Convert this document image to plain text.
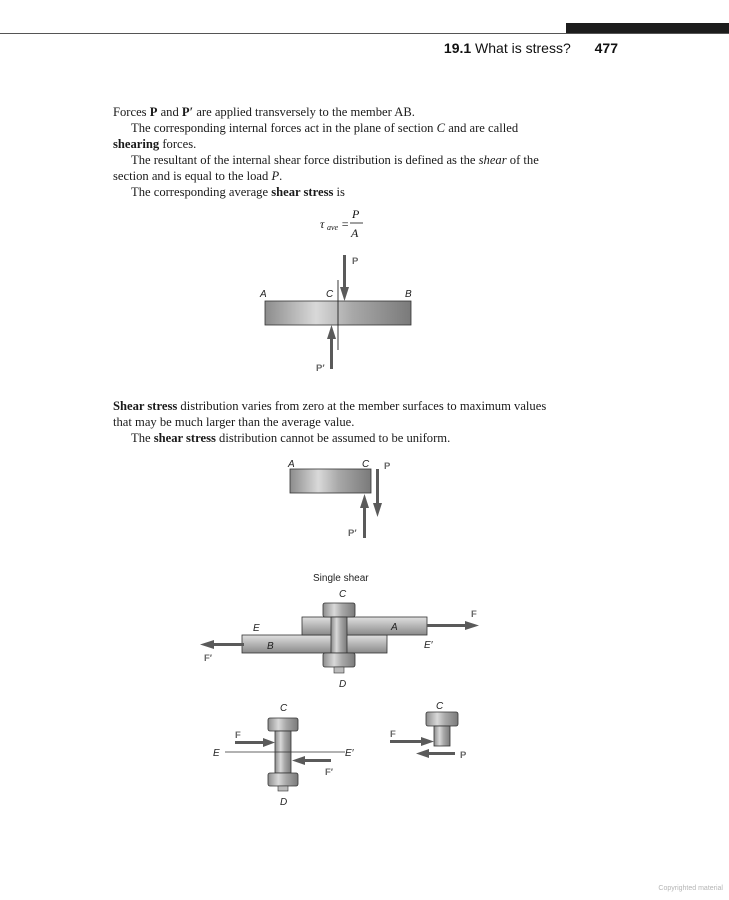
19.1 What is stress? 477

Forces P and P′ are applied transversely to the member AB.

The corresponding internal forces act in the plane of section C and are called shearing forces.

The resultant of the internal shear force distribution is defined as the shear of the section and is equal to the load P.

The corresponding average shear stress is

τ ave =
P
A
A	B
C
P
P′

Shear stress distribution varies from zero at the member surfaces to maximum values that may be much larger than the average value.

The shear stress distribution cannot be assumed to be uniform.

A	C P
P′
Single shear
C
E	A
B	E′
F
F′
D
C
F
E	E′
F′
D
C
F
P
Copyrighted material
